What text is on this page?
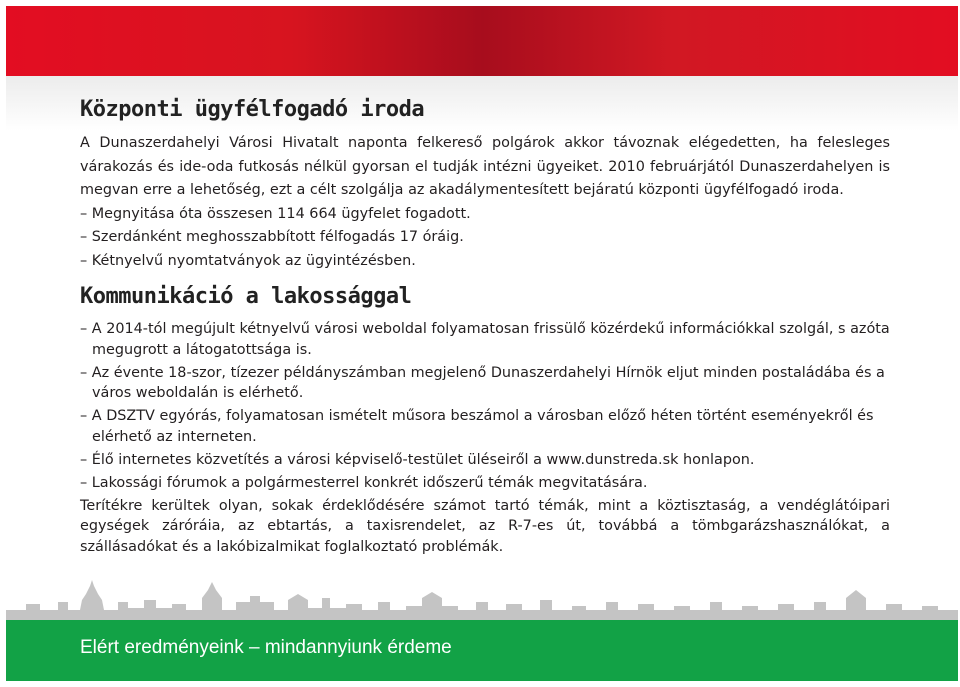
Központi ügyfélfogadó iroda

A Dunaszerdahelyi Városi Hivatalt naponta felkereső polgárok akkor távoznak elégedetten, ha felesleges várakozás és ide-oda futkosás nélkül gyorsan el tudják intézni ügyeiket. 2010 februárjától Dunaszerdahelyen is megvan erre a lehetőség, ezt a célt szolgálja az akadálymentesített bejáratú központi ügyfélfogadó iroda.

– Megnyitása óta összesen 114 664 ügyfelet fogadott.
– Szerdánként meghosszabbított félfogadás 17 óráig.
– Kétnyelvű nyomtatványok az ügyintézésben.
Kommunikáció a lakossággal
– A 2014-tól megújult kétnyelvű városi weboldal folyamatosan frissülő közérdekű információkkal szolgál, s azóta megugrott a látogatottsága is.
– Az évente 18-szor, tízezer példányszámban megjelenő Dunaszerdahelyi Hírnök eljut minden postaládába és a város weboldalán is elérhető.
– A DSZTV egyórás, folyamatosan ismételt műsora beszámol a városban előző héten történt eseményekről és elérhető az interneten.
– Élő internetes közvetítés a városi képviselő-testület üléseiről a www.dunstreda.sk honlapon.
– Lakossági fórumok a polgármesterrel konkrét időszerű témák megvitatására.

Terítékre kerültek olyan, sokak érdeklődésére számot tartó témák, mint a köztisztaság, a vendéglátóipari egységek záróráia, az ebtartás, a taxisrendelet, az R-7-es út, továbbá a tömbgarázshasználókat, a szállásadókat és a lakóbizalmikat foglalkoztató problémák.

Elért eredményeink – mindannyiunk érdeme
